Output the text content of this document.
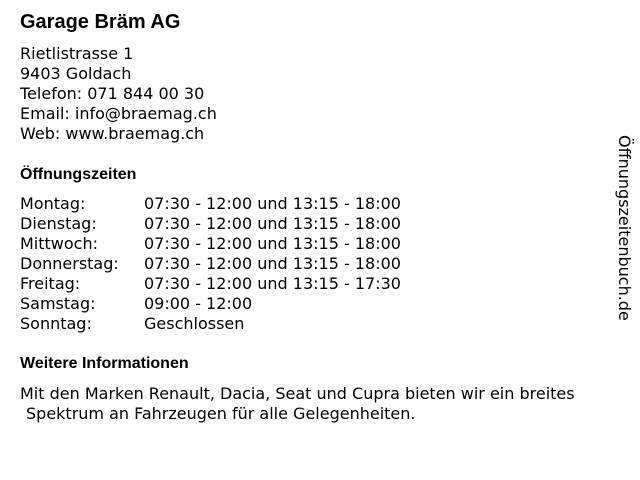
Garage Bräm AG
Rietlistrasse 1
9403 Goldach
Telefon: 071 844 00 30
Email: info@braemag.ch
Web: www.braemag.ch
Öffnungszeiten
Montag:	07:30 - 12:00 und 13:15 - 18:00
Dienstag:	07:30 - 12:00 und 13:15 - 18:00
Mittwoch:	07:30 - 12:00 und 13:15 - 18:00
Donnerstag:	07:30 - 12:00 und 13:15 - 18:00
Freitag:	07:30 - 12:00 und 13:15 - 17:30
Samstag:	09:00 - 12:00
Sonntag:	Geschlossen
Weitere Informationen
Mit den Marken Renault, Dacia, Seat und Cupra bieten wir ein breites
Spektrum an Fahrzeugen für alle Gelegenheiten.
Öffnungszeitenbuch.de
